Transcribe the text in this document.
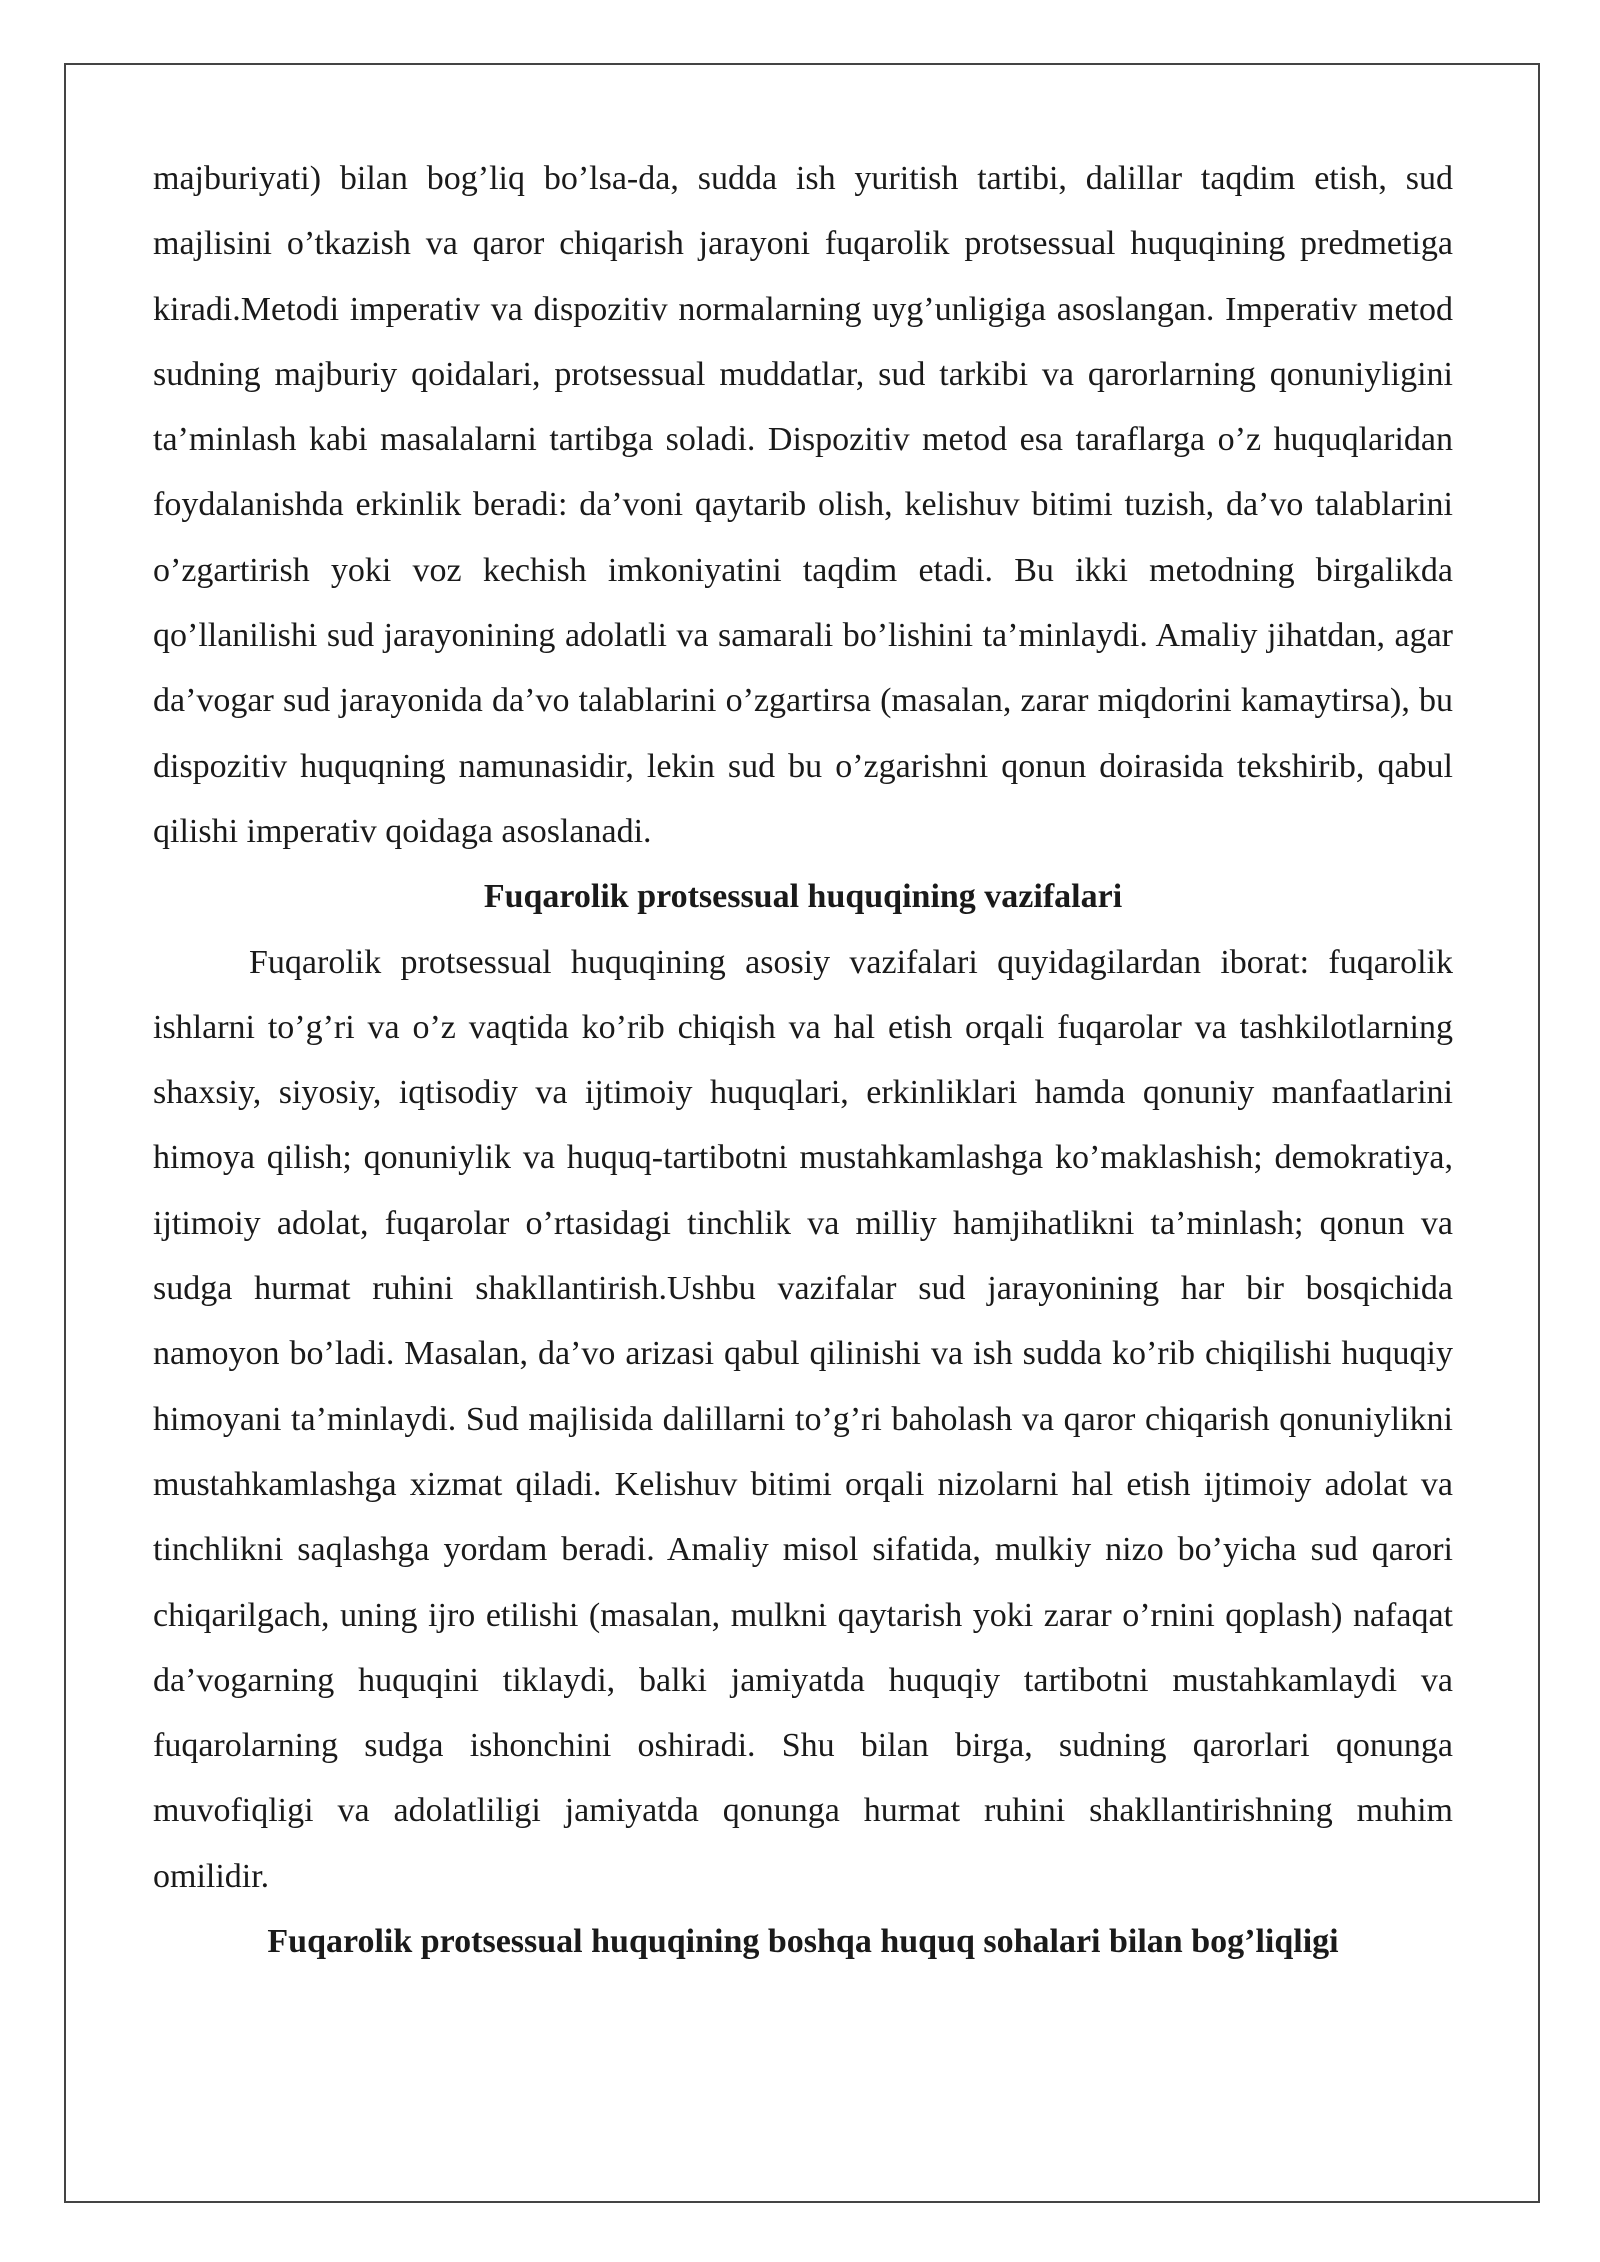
majburiyati) bilan bog’liq bo’lsa-da, sudda ish yuritish tartibi, dalillar taqdim etish, sud majlisini o’tkazish va qaror chiqarish jarayoni fuqarolik protsessual huquqining predmetiga kiradi.Metodi imperativ va dispozitiv normalarning uyg’unligiga asoslangan. Imperativ metod sudning majburiy qoidalari, protsessual muddatlar, sud tarkibi va qarorlarning qonuniyligini ta’minlash kabi masalalarni tartibga soladi. Dispozitiv metod esa taraflarga o’z huquqlaridan foydalanishda erkinlik beradi: da’voni qaytarib olish, kelishuv bitimi tuzish, da’vo talablarini o’zgartirish yoki voz kechish imkoniyatini taqdim etadi. Bu ikki metodning birgalikda qo’llanilishi sud jarayonining adolatli va samarali bo’lishini ta’minlaydi. Amaliy jihatdan, agar da’vogar sud jarayonida da’vo talablarini o’zgartirsa (masalan, zarar miqdorini kamaytirsa), bu dispozitiv huquqning namunasidir, lekin sud bu o’zgarishni qonun doirasida tekshirib, qabul qilishi imperativ qoidaga asoslanadi.

Fuqarolik protsessual huquqining vazifalari

Fuqarolik protsessual huquqining asosiy vazifalari quyidagilardan iborat: fuqarolik ishlarni to’g’ri va o’z vaqtida ko’rib chiqish va hal etish orqali fuqarolar va tashkilotlarning shaxsiy, siyosiy, iqtisodiy va ijtimoiy huquqlari, erkinliklari hamda qonuniy manfaatlarini himoya qilish; qonuniylik va huquq-tartibotni mustahkamlashga ko’maklashish; demokratiya, ijtimoiy adolat, fuqarolar o’rtasidagi tinchlik va milliy hamjihatlikni ta’minlash; qonun va sudga hurmat ruhini shakllantirish.Ushbu vazifalar sud jarayonining har bir bosqichida namoyon bo’ladi. Masalan, da’vo arizasi qabul qilinishi va ish sudda ko’rib chiqilishi huquqiy himoyani ta’minlaydi. Sud majlisida dalillarni to’g’ri baholash va qaror chiqarish qonuniylikni mustahkamlashga xizmat qiladi. Kelishuv bitimi orqali nizolarni hal etish ijtimoiy adolat va tinchlikni saqlashga yordam beradi. Amaliy misol sifatida, mulkiy nizo bo’yicha sud qarori chiqarilgach, uning ijro etilishi (masalan, mulkni qaytarish yoki zarar o’rnini qoplash) nafaqat da’vogarning huquqini tiklaydi, balki jamiyatda huquqiy tartibotni mustahkamlaydi va fuqarolarning sudga ishonchini oshiradi. Shu bilan birga, sudning qarorlari qonunga muvofiqligi va adolatliligi jamiyatda qonunga hurmat ruhini shakllantirishning muhim omilidir.

Fuqarolik protsessual huquqining boshqa huquq sohalari bilan bog’liqligi
